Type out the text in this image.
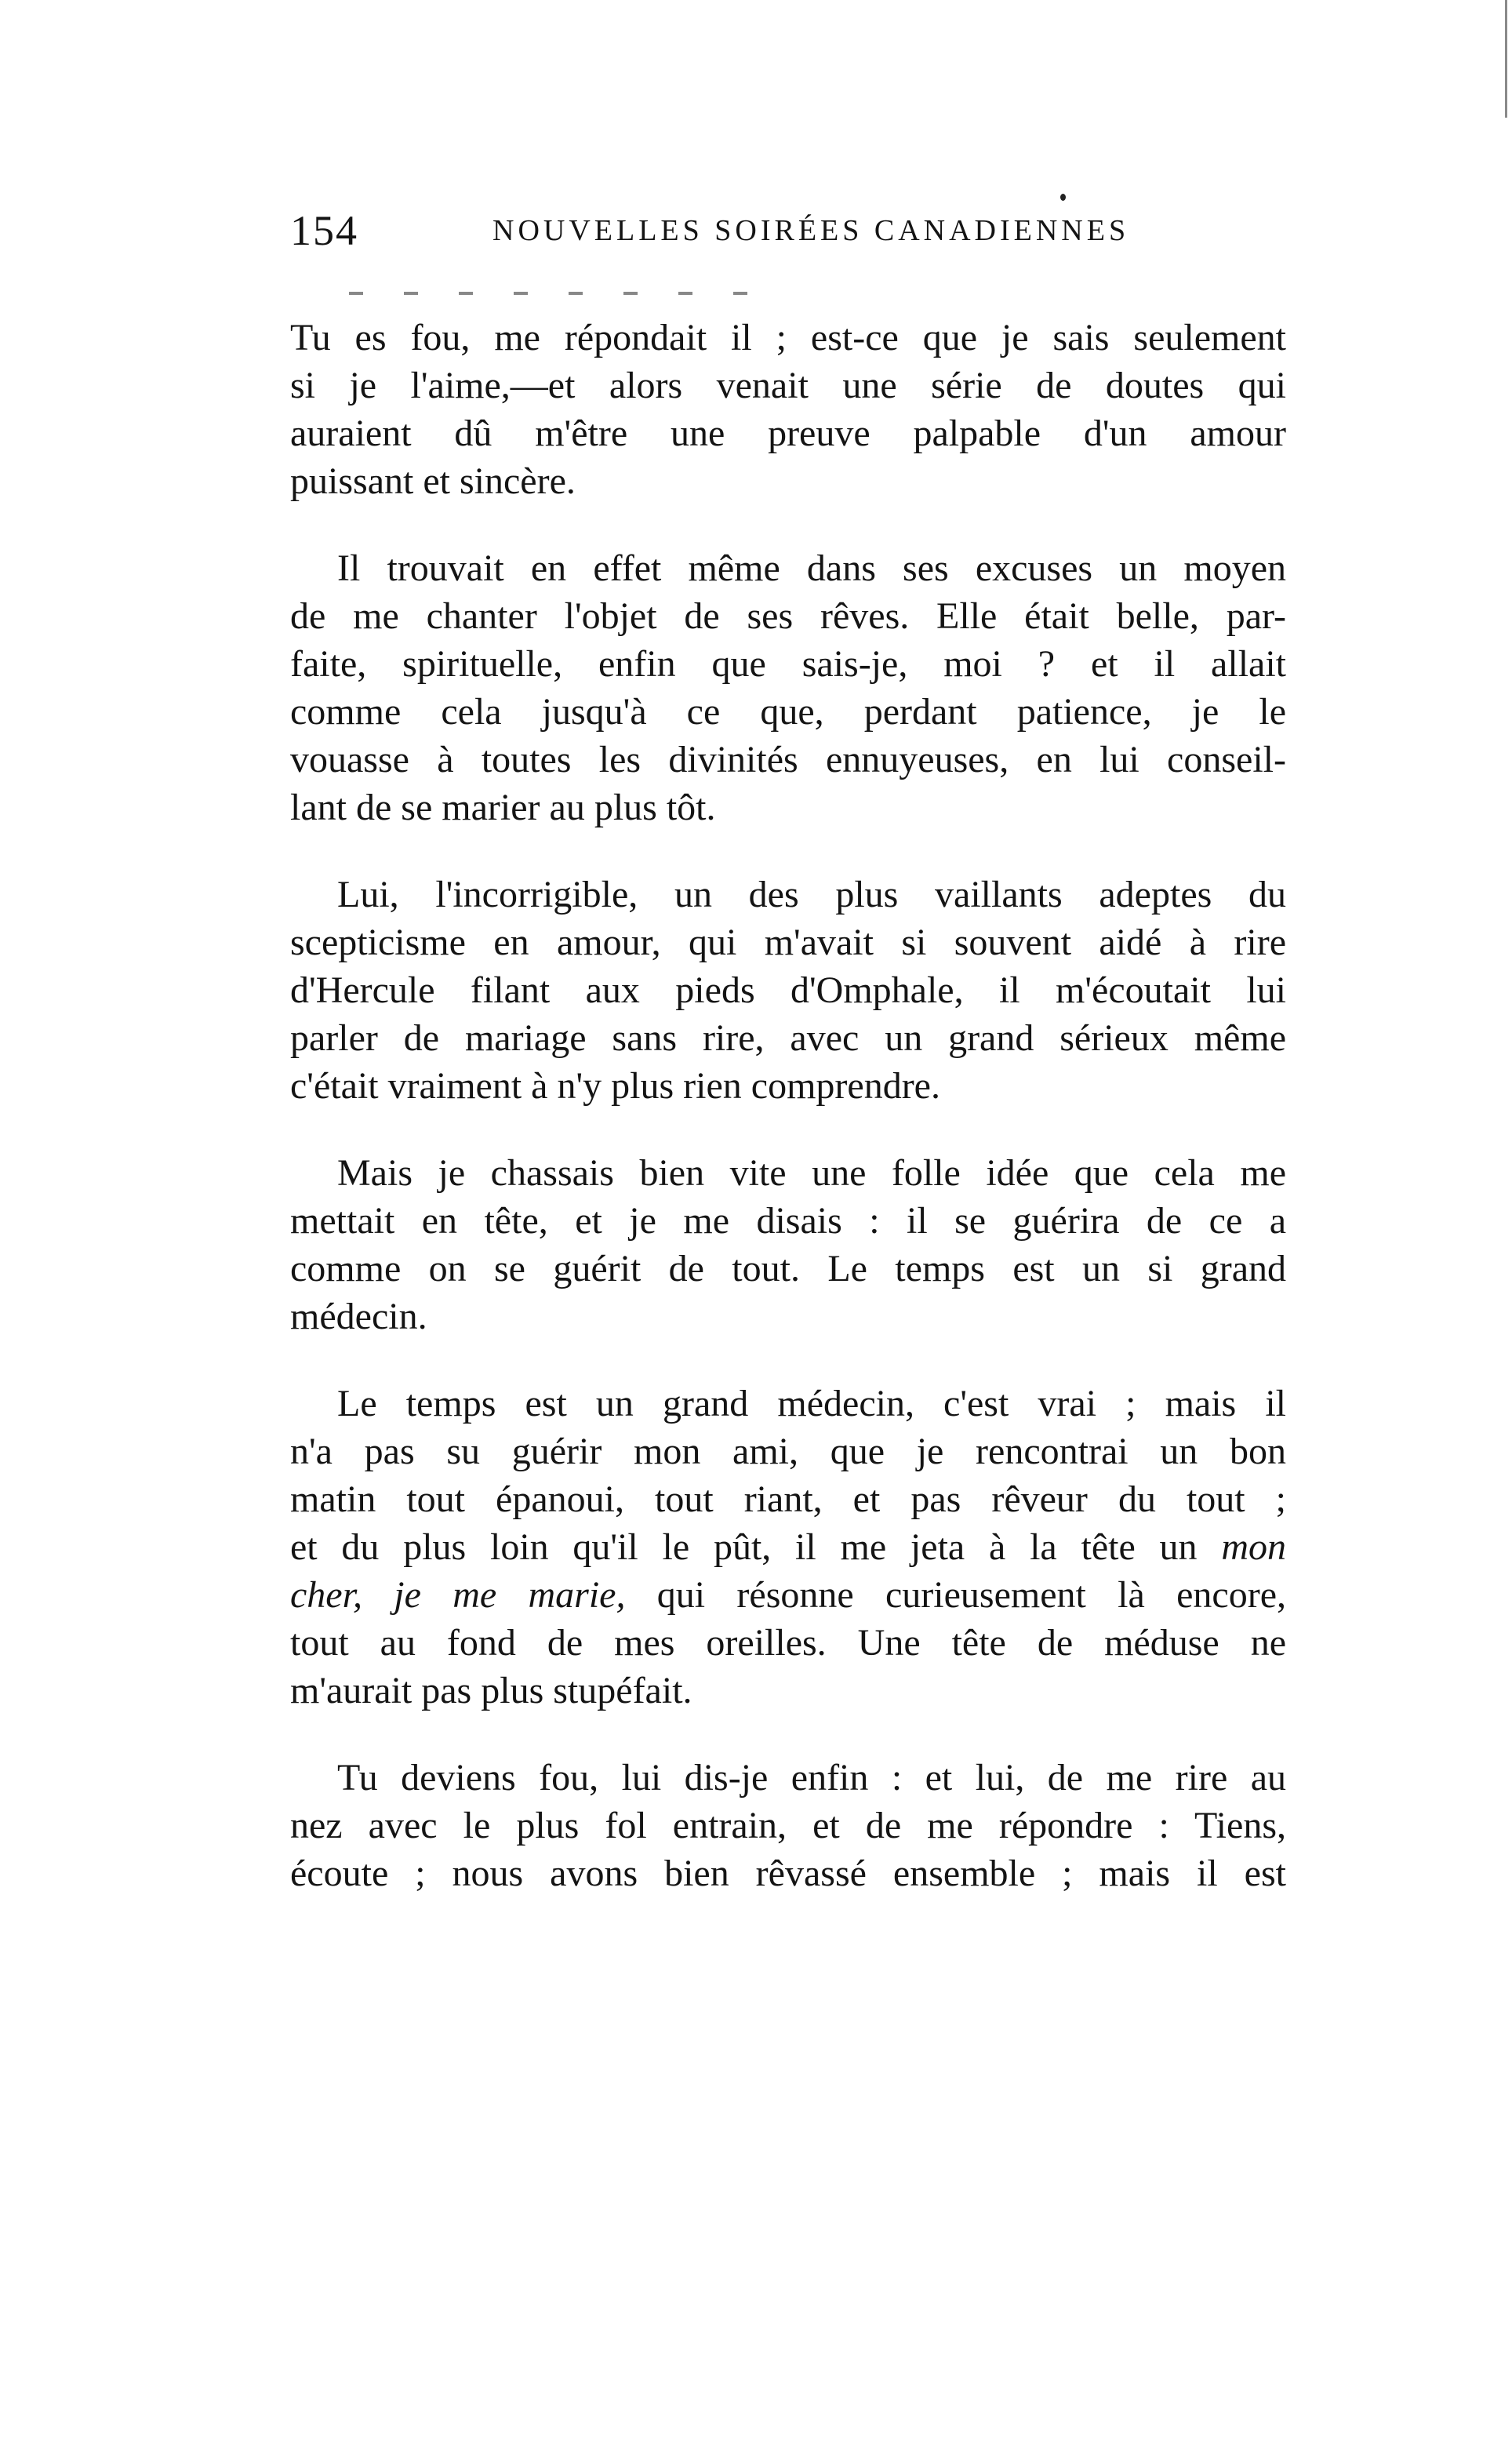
154	NOUVELLES SOIRÉES CANADIENNES
Tu es fou, me répondait il ; est-ce que je sais seulement
si je l'aime,—et alors venait une série de doutes qui
auraient dû m'être une preuve palpable d'un amour
puissant et sincère.
Il trouvait en effet même dans ses excuses un moyen
de me chanter l'objet de ses rêves. Elle était belle, par-
faite, spirituelle, enfin que sais-je, moi ? et il allait
comme cela jusqu'à ce que, perdant patience, je le
vouasse à toutes les divinités ennuyeuses, en lui conseil-
lant de se marier au plus tôt.
Lui, l'incorrigible, un des plus vaillants adeptes du
scepticisme en amour, qui m'avait si souvent aidé à rire
d'Hercule filant aux pieds d'Omphale, il m'écoutait lui
parler de mariage sans rire, avec un grand sérieux même
c'était vraiment à n'y plus rien comprendre.
Mais je chassais bien vite une folle idée que cela me
mettait en tête, et je me disais : il se guérira de ce a
comme on se guérit de tout. Le temps est un si grand
médecin.
Le temps est un grand médecin, c'est vrai ; mais il
n'a pas su guérir mon ami, que je rencontrai un bon
matin tout épanoui, tout riant, et pas rêveur du tout ;
et du plus loin qu'il le pût, il me jeta à la tête un mon
cher, je me marie, qui résonne curieusement là encore,
tout au fond de mes oreilles. Une tête de méduse ne
m'aurait pas plus stupéfait.
Tu deviens fou, lui dis-je enfin : et lui, de me rire au
nez avec le plus fol entrain, et de me répondre : Tiens,
écoute ; nous avons bien rêvassé ensemble ; mais il est
